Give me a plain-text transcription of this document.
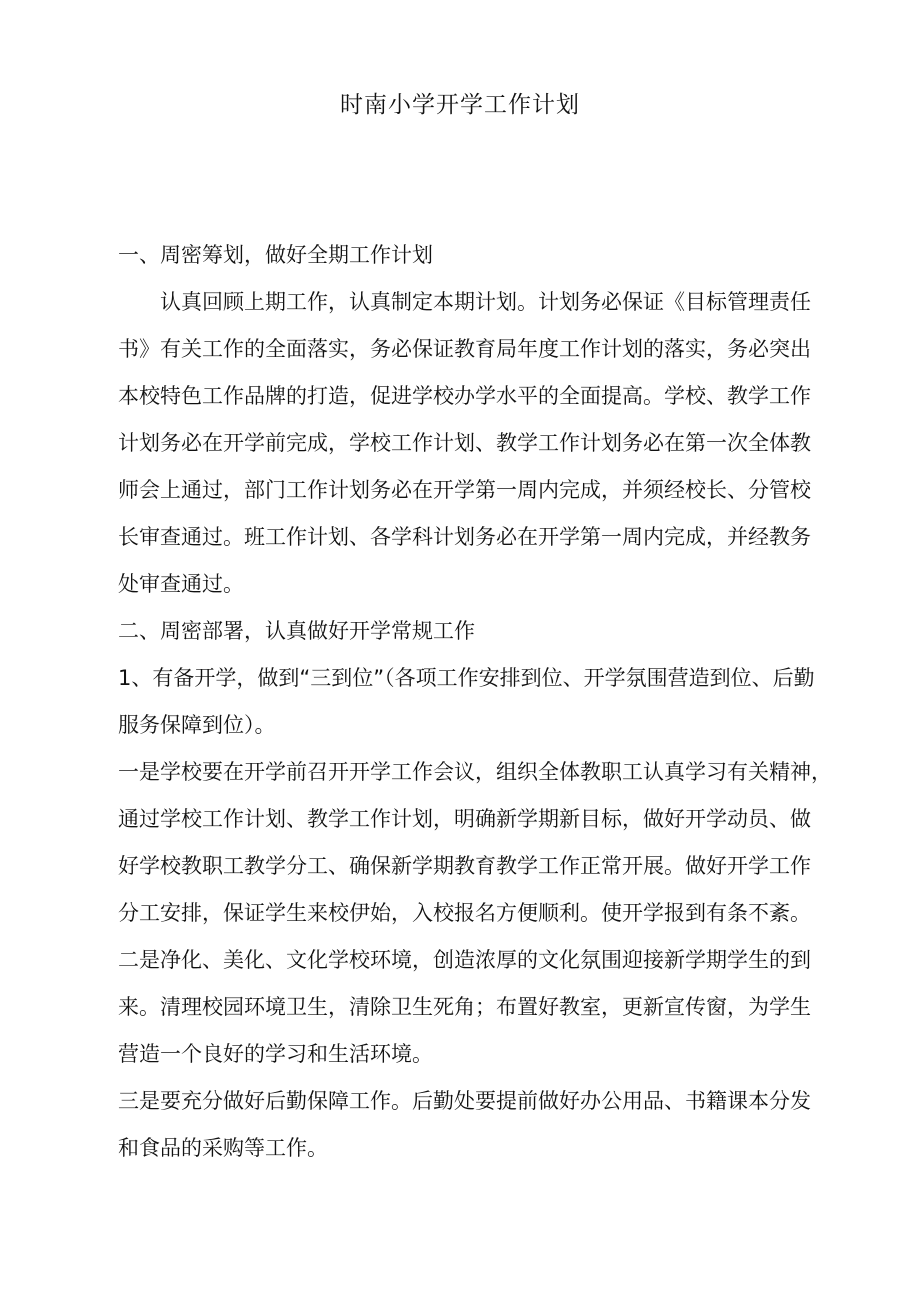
时南小学开学工作计划
一、周密筹划，做好全期工作计划
认真回顾上期工作，认真制定本期计划。计划务必保证《目标管理责任
书》有关工作的全面落实，务必保证教育局年度工作计划的落实，务必突出
本校特色工作品牌的打造，促进学校办学水平的全面提高。学校、教学工作
计划务必在开学前完成，学校工作计划、教学工作计划务必在第一次全体教
师会上通过，部门工作计划务必在开学第一周内完成，并须经校长、分管校
长审查通过。班工作计划、各学科计划务必在开学第一周内完成，并经教务
处审查通过。
二、周密部署，认真做好开学常规工作
1、有备开学，做到“三到位”（各项工作安排到位、开学氛围营造到位、后勤
服务保障到位）。
一是学校要在开学前召开开学工作会议，组织全体教职工认真学习有关精神，
通过学校工作计划、教学工作计划，明确新学期新目标，做好开学动员、做
好学校教职工教学分工、确保新学期教育教学工作正常开展。做好开学工作
分工安排，保证学生来校伊始，入校报名方便顺利。使开学报到有条不紊。
二是净化、美化、文化学校环境，创造浓厚的文化氛围迎接新学期学生的到
来。清理校园环境卫生，清除卫生死角；布置好教室，更新宣传窗，为学生
营造一个良好的学习和生活环境。
三是要充分做好后勤保障工作。后勤处要提前做好办公用品、书籍课本分发
和食品的采购等工作。
